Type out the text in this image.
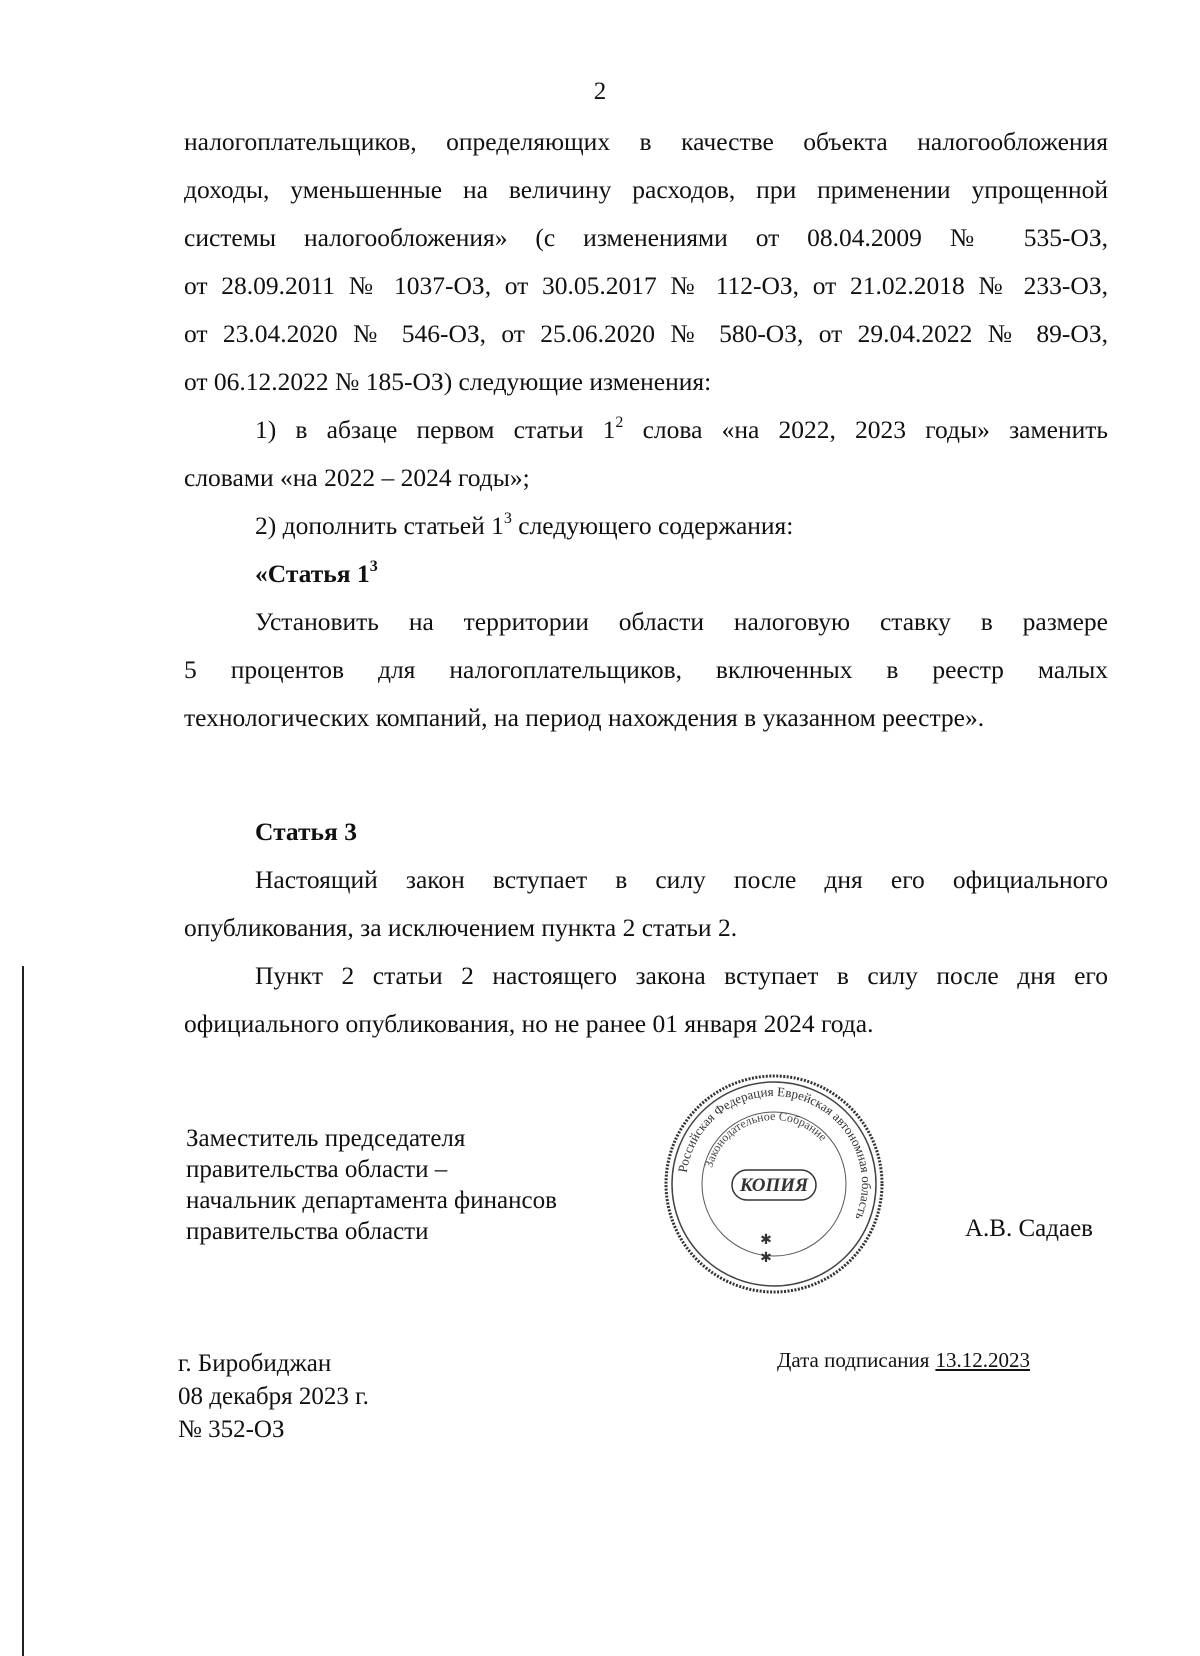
2
налогоплательщиков, определяющих в качестве объекта налогообложения
доходы, уменьшенные на величину расходов, при применении упрощенной
системы налогообложения» (с изменениями от 08.04.2009 № 535-ОЗ,
от 28.09.2011 № 1037-ОЗ, от 30.05.2017 № 112-ОЗ, от 21.02.2018 № 233-ОЗ,
от 23.04.2020 № 546-ОЗ, от 25.06.2020 № 580-ОЗ, от 29.04.2022 № 89-ОЗ,
от 06.12.2022 № 185-ОЗ) следующие изменения:
1) в абзаце первом статьи $1^2$ слова «на 2022, 2023 годы» заменить
словами «на 2022 – 2024 годы»;
2) дополнить статьей $1^3$ следующего содержания:
«Статья $1^3$
Установить на территории области налоговую ставку в размере
5 процентов для налогоплательщиков, включенных в реестр малых
технологических компаний, на период нахождения в указанном реестре».
Статья 3
Настоящий закон вступает в силу после дня его официального
опубликования, за исключением пункта 2 статьи 2.
Пункт 2 статьи 2 настоящего закона вступает в силу после дня его
официального опубликования, но не ранее 01 января 2024 года.
Заместитель председателя
правительства области –
начальник департамента финансов
правительства области
Российская Федерация Еврейская автономная область
Законодательное Собрание
КОПИЯ
✱
✱
А.В. Садаев
г. Биробиджан
08 декабря 2023 г.
№ 352-ОЗ
Дата подписания 13.12.2023
